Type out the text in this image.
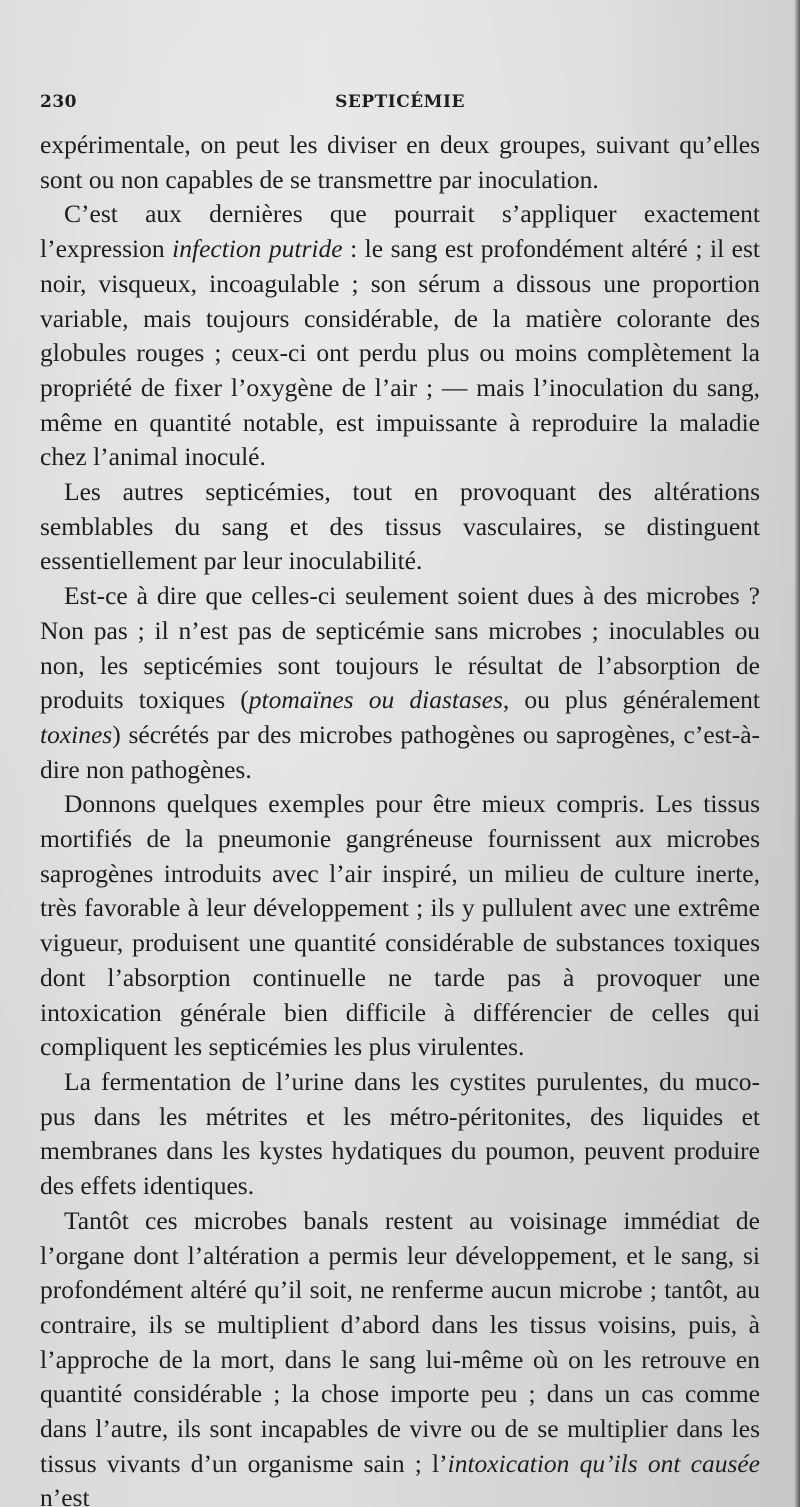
230	SEPTICÉMIE

expérimentale, on peut les diviser en deux groupes, suivant qu’elles sont ou non capables de se transmettre par inoculation.

C’est aux dernières que pourrait s’appliquer exactement l’expression infection putride : le sang est profondément altéré ; il est noir, visqueux, incoagulable ; son sérum a dissous une proportion variable, mais toujours considérable, de la matière colorante des globules rouges ; ceux-ci ont perdu plus ou moins complètement la propriété de fixer l’oxygène de l’air ; — mais l’inoculation du sang, même en quantité notable, est impuissante à reproduire la maladie chez l’animal inoculé.

Les autres septicémies, tout en provoquant des altérations semblables du sang et des tissus vasculaires, se distinguent essentiellement par leur inoculabilité.

Est-ce à dire que celles-ci seulement soient dues à des microbes ? Non pas ; il n’est pas de septicémie sans microbes ; inoculables ou non, les septicémies sont toujours le résultat de l’absorption de produits toxiques (ptomaïnes ou diastases, ou plus généralement toxines) sécrétés par des microbes pathogènes ou saprogènes, c’est-à-dire non pathogènes.

Donnons quelques exemples pour être mieux compris. Les tissus mortifiés de la pneumonie gangréneuse fournissent aux microbes saprogènes introduits avec l’air inspiré, un milieu de culture inerte, très favorable à leur développement ; ils y pullulent avec une extrême vigueur, produisent une quantité considérable de substances toxiques dont l’absorption continuelle ne tarde pas à provoquer une intoxication générale bien difficile à différencier de celles qui compliquent les septicémies les plus virulentes.

La fermentation de l’urine dans les cystites purulentes, du muco-pus dans les métrites et les métro-péritonites, des liquides et membranes dans les kystes hydatiques du poumon, peuvent produire des effets identiques.

Tantôt ces microbes banals restent au voisinage immédiat de l’organe dont l’altération a permis leur développement, et le sang, si profondément altéré qu’il soit, ne renferme aucun microbe ; tantôt, au contraire, ils se multiplient d’abord dans les tissus voisins, puis, à l’approche de la mort, dans le sang lui-même où on les retrouve en quantité considérable ; la chose importe peu ; dans un cas comme dans l’autre, ils sont incapables de vivre ou de se multiplier dans les tissus vivants d’un organisme sain ; l’intoxication qu’ils ont causée n’est
